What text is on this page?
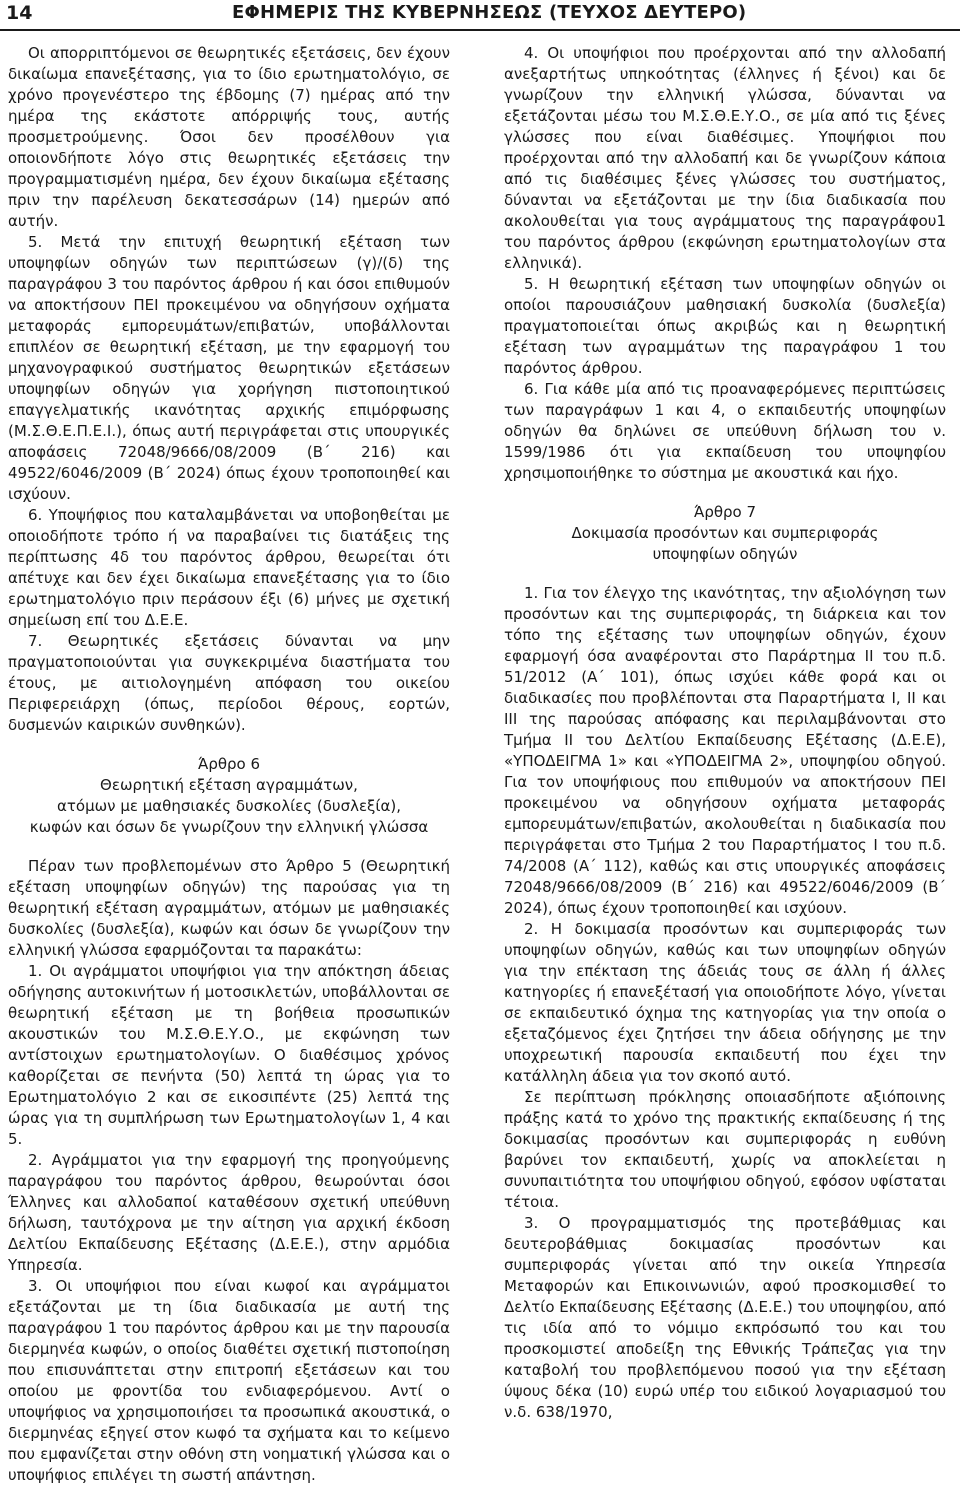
14	ΕΦΗΜΕΡΙΣ ΤΗΣ ΚΥΒΕΡΝΗΣΕΩΣ (ΤΕΥΧΟΣ ΔΕΥΤΕΡΟ)

Οι απορριπτόμενοι σε θεωρητικές εξετάσεις, δεν έχουν δικαίωμα επανεξέτασης, για το ίδιο ερωτηματολόγιο, σε χρόνο προγενέστερο της έβδομης (7) ημέρας από την ημέρα της εκάστοτε απόρριψής τους, αυτής προσμετρούμενης. Όσοι δεν προσέλθουν για οποιονδήποτε λόγο στις θεωρητικές εξετάσεις την προγραμματισμένη ημέρα, δεν έχουν δικαίωμα εξέτασης πριν την παρέλευση δεκατεσσάρων (14) ημερών από αυτήν.

5. Μετά την επιτυχή θεωρητική εξέταση των υποψηφίων οδηγών των περιπτώσεων (γ)/(δ) της παραγράφου 3 του παρόντος άρθρου ή και όσοι επιθυμούν να αποκτήσουν ΠΕΙ προκειμένου να οδηγήσουν οχήματα μεταφοράς εμπορευμάτων/επιβατών, υποβάλλονται επιπλέον σε θεωρητική εξέταση, με την εφαρμογή του μηχανογραφικού συστήματος θεωρητικών εξετάσεων υποψηφίων οδηγών για χορήγηση πιστοποιητικού επαγγελματικής ικανότητας αρχικής επιμόρφωσης (Μ.Σ.Θ.Ε.Π.Ε.Ι.), όπως αυτή περιγράφεται στις υπουργικές αποφάσεις 72048/9666/08/2009 (Β΄ 216) και 49522/6046/2009 (Β΄ 2024) όπως έχουν τροποποιηθεί και ισχύουν.

6. Υποψήφιος που καταλαμβάνεται να υποβοηθείται με οποιοδήποτε τρόπο ή να παραβαίνει τις διατάξεις της περίπτωσης 4δ του παρόντος άρθρου, θεωρείται ότι απέτυχε και δεν έχει δικαίωμα επανεξέτασης για το ίδιο ερωτηματολόγιο πριν περάσουν έξι (6) μήνες με σχετική σημείωση επί του Δ.Ε.Ε.

7. Θεωρητικές εξετάσεις δύνανται να μην πραγματοποιούνται για συγκεκριμένα διαστήματα του έτους, με αιτιολογημένη απόφαση του οικείου Περιφερειάρχη (όπως, περίοδοι θέρους, εορτών, δυσμενών καιρικών συνθηκών).

Άρθρο 6

Θεωρητική εξέταση αγραμμάτων,

ατόμων με μαθησιακές δυσκολίες (δυσλεξία),

κωφών και όσων δε γνωρίζουν την ελληνική γλώσσα

Πέραν των προβλεπομένων στο Άρθρο 5 (Θεωρητική εξέταση υποψηφίων οδηγών) της παρούσας για τη θεωρητική εξέταση αγραμμάτων, ατόμων με μαθησιακές δυσκολίες (δυσλεξία), κωφών και όσων δε γνωρίζουν την ελληνική γλώσσα εφαρμόζονται τα παρακάτω:

1. Οι αγράμματοι υποψήφιοι για την απόκτηση άδειας οδήγησης αυτοκινήτων ή μοτοσικλετών, υποβάλλονται σε θεωρητική εξέταση με τη βοήθεια προσωπικών ακουστικών του Μ.Σ.Θ.Ε.Υ.Ο., με εκφώνηση των αντίστοιχων ερωτηματολογίων. Ο διαθέσιμος χρόνος καθορίζεται σε πενήντα (50) λεπτά τη ώρας για το Ερωτηματολόγιο 2 και σε εικοσιπέντε (25) λεπτά της ώρας για τη συμπλήρωση των Ερωτηματολογίων 1, 4 και 5.

2. Αγράμματοι για την εφαρμογή της προηγούμενης παραγράφου του παρόντος άρθρου, θεωρούνται όσοι Έλληνες και αλλοδαποί καταθέσουν σχετική υπεύθυνη δήλωση, ταυτόχρονα με την αίτηση για αρχική έκδοση Δελτίου Εκπαίδευσης Εξέτασης (Δ.Ε.Ε.), στην αρμόδια Υπηρεσία.

3. Οι υποψήφιοι που είναι κωφοί και αγράμματοι εξετάζονται με τη ίδια διαδικασία με αυτή της παραγράφου 1 του παρόντος άρθρου και με την παρουσία διερμηνέα κωφών, ο οποίος διαθέτει σχετική πιστοποίηση που επισυνάπτεται στην επιτροπή εξετάσεων και του οποίου με φροντίδα του ενδιαφερόμενου. Αντί ο υποψήφιος να χρησιμοποιήσει τα προσωπικά ακουστικά, ο διερμηνέας εξηγεί στον κωφό τα σχήματα και το κείμενο που εμφανίζεται στην οθόνη στη νοηματική γλώσσα και ο υποψήφιος επιλέγει τη σωστή απάντηση.

4. Οι υποψήφιοι που προέρχονται από την αλλοδαπή ανεξαρτήτως υπηκοότητας (έλληνες ή ξένοι) και δε γνωρίζουν την ελληνική γλώσσα, δύνανται να εξετάζονται μέσω του Μ.Σ.Θ.Ε.Υ.Ο., σε μία από τις ξένες γλώσσες που είναι διαθέσιμες. Υποψήφιοι που προέρχονται από την αλλοδαπή και δε γνωρίζουν κάποια από τις διαθέσιμες ξένες γλώσσες του συστήματος, δύνανται να εξετάζονται με την ίδια διαδικασία που ακολουθείται για τους αγράμματους της παραγράφου1 του παρόντος άρθρου (εκφώνηση ερωτηματολογίων στα ελληνικά).

5. Η θεωρητική εξέταση των υποψηφίων οδηγών οι οποίοι παρουσιάζουν μαθησιακή δυσκολία (δυσλεξία) πραγματοποιείται όπως ακριβώς και η θεωρητική εξέταση των αγραμμάτων της παραγράφου 1 του παρόντος άρθρου.

6. Για κάθε μία από τις προαναφερόμενες περιπτώσεις των παραγράφων 1 και 4, ο εκπαιδευτής υποψηφίων οδηγών θα δηλώνει σε υπεύθυνη δήλωση του ν. 1599/1986 ότι για εκπαίδευση του υποψηφίου χρησιμοποιήθηκε το σύστημα με ακουστικά και ήχο.

Άρθρο 7

Δοκιμασία προσόντων και συμπεριφοράς

υποψηφίων οδηγών

1. Για τον έλεγχο της ικανότητας, την αξιολόγηση των προσόντων και της συμπεριφοράς, τη διάρκεια και τον τόπο της εξέτασης των υποψηφίων οδηγών, έχουν εφαρμογή όσα αναφέρονται στο Παράρτημα ΙΙ του π.δ. 51/2012 (Α΄ 101), όπως ισχύει κάθε φορά και οι διαδικασίες που προβλέπονται στα Παραρτήματα Ι, ΙΙ και ΙΙΙ της παρούσας απόφασης και περιλαμβάνονται στο Τμήμα ΙΙ του Δελτίου Εκπαίδευσης Εξέτασης (Δ.Ε.Ε), «ΥΠΟΔΕΙΓΜΑ 1» και «ΥΠΟΔΕΙΓΜΑ 2», υποψηφίου οδηγού. Για τον υποψήφιους που επιθυμούν να αποκτήσουν ΠΕΙ προκειμένου να οδηγήσουν οχήματα μεταφοράς εμπορευμάτων/επιβατών, ακολουθείται η διαδικασία που περιγράφεται στο Τμήμα 2 του Παραρτήματος Ι του π.δ. 74/2008 (Α΄ 112), καθώς και στις υπουργικές αποφάσεις 72048/9666/08/2009 (Β΄ 216) και 49522/6046/2009 (Β΄ 2024), όπως έχουν τροποποιηθεί και ισχύουν.

2. Η δοκιμασία προσόντων και συμπεριφοράς των υποψηφίων οδηγών, καθώς και των υποψηφίων οδηγών για την επέκταση της άδειάς τους σε άλλη ή άλλες κατηγορίες ή επανεξέτασή για οποιοδήποτε λόγο, γίνεται σε εκπαιδευτικό όχημα της κατηγορίας για την οποία ο εξεταζόμενος έχει ζητήσει την άδεια οδήγησης με την υποχρεωτική παρουσία εκπαιδευτή που έχει την κατάλληλη άδεια για τον σκοπό αυτό.

Σε περίπτωση πρόκλησης οποιασδήποτε αξιόποινης πράξης κατά το χρόνο της πρακτικής εκπαίδευσης ή της δοκιμασίας προσόντων και συμπεριφοράς η ευθύνη βαρύνει τον εκπαιδευτή, χωρίς να αποκλείεται η συνυπαιτιότητα του υποψήφιου οδηγού, εφόσον υφίσταται τέτοια.

3. Ο προγραμματισμός της προτεβάθμιας και δευτεροβάθμιας δοκιμασίας προσόντων και συμπεριφοράς γίνεται από την οικεία Υπηρεσία Μεταφορών και Επικοινωνιών, αφού προσκομισθεί το Δελτίο Εκπαίδευσης Εξέτασης (Δ.Ε.Ε.) του υποψηφίου, από τις ιδία από το νόμιμο εκπρόσωπό του και του προσκομιστεί αποδείξη της Εθνικής Τράπεζας για την καταβολή του προβλεπόμενου ποσού για την εξέταση ύψους δέκα (10) ευρώ υπέρ του ειδικού λογαριασμού του ν.δ. 638/1970,
